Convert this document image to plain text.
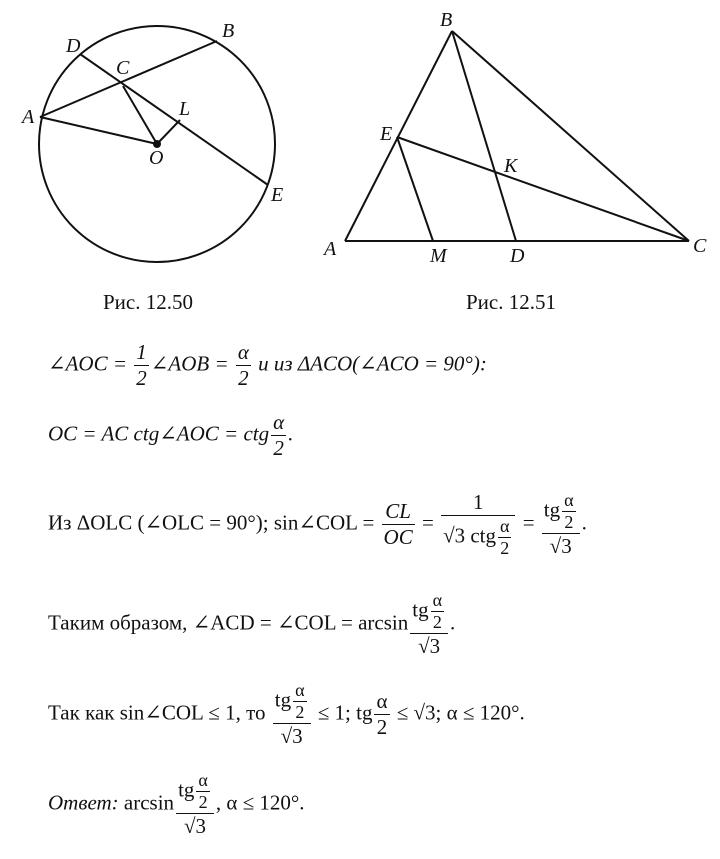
D
B
C
A	L
O
E
B
E
K
A	M	D	C
Рис. 12.50	Рис. 12.51
∠AOC = $\frac{1}{2}$ ∠AOB = $\frac{\alpha}{2}$ и из ΔACO(∠ACO = 90°):
OC = AC ctg∠AOC = ctg $\frac{\alpha}{2}$ .
Из ΔOLC (∠OLC = 90°); sin∠COL = $\frac{CL}{OC} = \frac{1}{√3 ctg \frac{\alpha}{2}} = \frac{tg \frac{\alpha}{2}}{√3}$ .
Таким образом, ∠ACD = ∠COL = $\arcsin \frac{tg \frac{\alpha}{2}}{√3}$ .
Так как sin∠COL ≤ 1, то $\frac{tg \frac{\alpha}{2}}{√3} \le 1$; tg $\frac{\alpha}{2} \le √3$; α ≤ 120°.
Ответ: $\arcsin \frac{tg \frac{\alpha}{2}}{√3}$ , α ≤ 120°.
